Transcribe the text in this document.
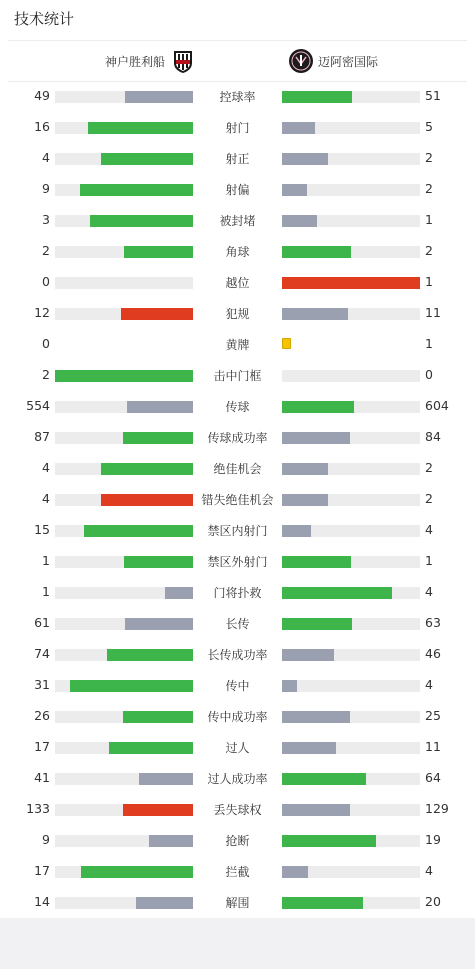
技术统计
神户胜利船	迈阿密国际
49	控球率	51
16	射门	5
4	射正	2
9	射偏	2
3	被封堵	1
2	角球	2
0	越位	1
12	犯规	11
0	黄牌	1
2	击中门框	0
554	传球	604
87	传球成功率	84
4	绝佳机会	2
4	错失绝佳机会	2
15	禁区内射门	4
1	禁区外射门	1
1	门将扑救	4
61	长传	63
74	长传成功率	46
31	传中	4
26	传中成功率	25
17	过人	11
41	过人成功率	64
133	丢失球权	129
9	抢断	19
17	拦截	4
14	解围	20
